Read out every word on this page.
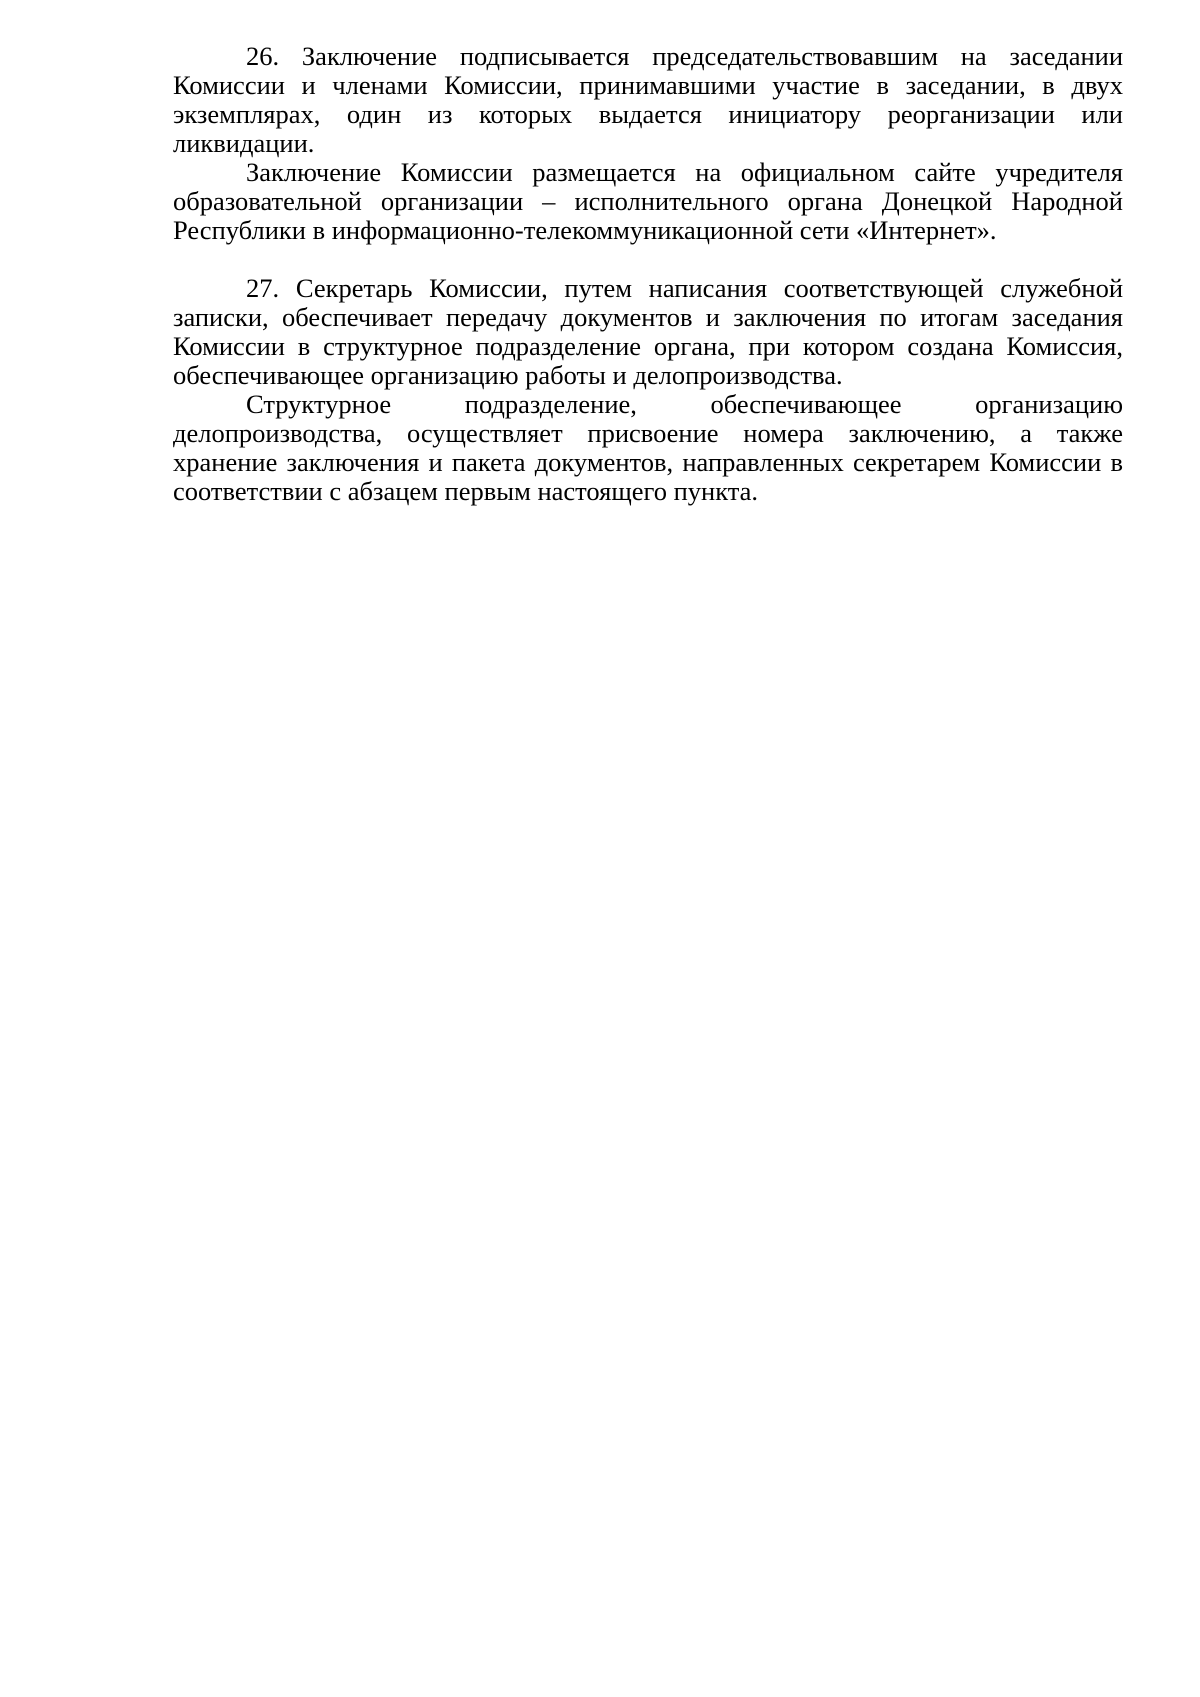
26. Заключение подписывается председательствовавшим на заседании Комиссии и членами Комиссии, принимавшими участие в заседании, в двух экземплярах, один из которых выдается инициатору реорганизации или ликвидации.

Заключение Комиссии размещается на официальном сайте учредителя образовательной организации – исполнительного органа Донецкой Народной Республики в информационно-телекоммуникационной сети «Интернет».

27. Секретарь Комиссии, путем написания соответствующей служебной записки, обеспечивает передачу документов и заключения по итогам заседания Комиссии в структурное подразделение органа, при котором создана Комиссия, обеспечивающее организацию работы и делопроизводства.

Структурное подразделение, обеспечивающее организацию делопроизводства, осуществляет присвоение номера заключению, а также хранение заключения и пакета документов, направленных секретарем Комиссии в соответствии с абзацем первым настоящего пункта.
